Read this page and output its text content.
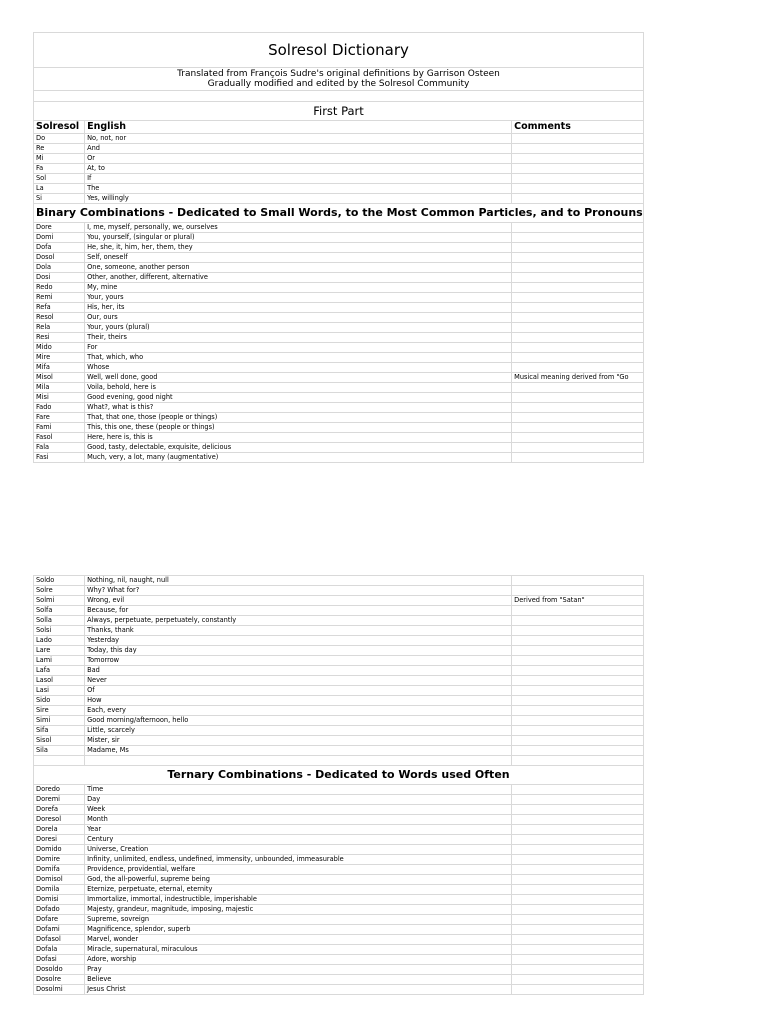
Solresol Dictionary		

Translated from François Sudre's original definitions by Garrison Osteen
Gradually modified and edited by the Solresol Community		

First Part		
Solresol	English	Comments
Do	No, not, nor	
Re	And	
Mi	Or	
Fa	At, to	
Sol	If	
La	The	
Si	Yes, willingly	
Binary Combinations - Dedicated to Small Words, to the Most Common Particles, and to Pronouns		
Dore	I, me, myself, personally, we, ourselves	
Domi	You, yourself, (singular or plural)	
Dofa	He, she, it, him, her, them, they	
Dosol	Self, oneself	
Dola	One, someone, another person	
Dosi	Other, another, different, alternative	
Redo	My, mine	
Remi	Your, yours	
Refa	His, her, its	
Resol	Our, ours	
Rela	Your, yours (plural)	
Resi	Their, theirs	
Mido	For	
Mire	That, which, who	
Mifa	Whose	
Misol	Well, well done, good	Musical meaning derived from "Go
Mila	Voila, behold, here is	
Misi	Good evening, good night	
Fado	What?, what is this?	
Fare	That, that one, those (people or things)	
Fami	This, this one, these (people or things)	
Fasol	Here, here is, this is	
Fala	Good, tasty, delectable, exquisite, delicious	
Fasi	Much, very, a lot, many (augmentative)	
Soldo	Nothing, nil, naught, null	
Solre	Why? What for?	
Solmi	Wrong, evil	Derived from "Satan"
Solfa	Because, for	
Solla	Always, perpetuate, perpetuately, constantly	
Solsi	Thanks, thank	
Lado	Yesterday	
Lare	Today, this day	
Lami	Tomorrow	
Lafa	Bad	
Lasol	Never	
Lasi	Of	
Sido	How	
Sire	Each, every	
Simi	Good morning/afternoon, hello	
Sifa	Little, scarcely	
Sisol	Mister, sir	
Sila	Madame, Ms	

Ternary Combinations - Dedicated to Words used Often		
Doredo	Time	
Doremi	Day	
Dorefa	Week	
Doresol	Month	
Dorela	Year	
Doresi	Century	
Domido	Universe, Creation	
Domire	Infinity, unlimited, endless, undefined, immensity, unbounded, immeasurable	
Domifa	Providence, providential, welfare	
Domisol	God, the all-powerful, supreme being	
Domila	Eternize, perpetuate, eternal, eternity	
Domisi	Immortalize, immortal, indestructible, imperishable	
Dofado	Majesty, grandeur, magnitude, imposing, majestic	
Dofare	Supreme, sovreign	
Dofami	Magnificence, splendor, superb	
Dofasol	Marvel, wonder	
Dofala	Miracle, supernatural, miraculous	
Dofasi	Adore, worship	
Dosoldo	Pray	
Dosolre	Believe	
Dosolmi	Jesus Christ	
